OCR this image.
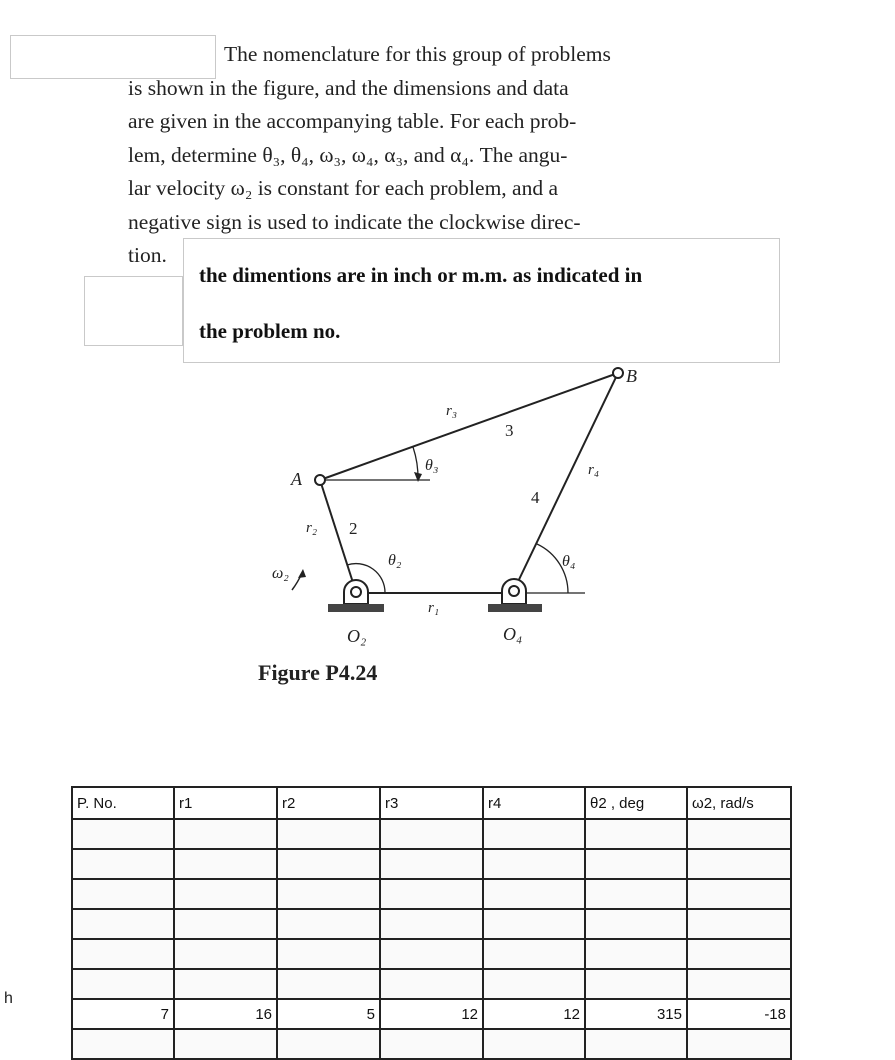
The nomenclature for this group of problems
is shown in the figure, and the dimensions and data
are given in the accompanying table. For each prob-
lem, determine θ₃, θ₄, ω₃, ω₄, α₃, and α₄. The angu-
lar velocity ω₂ is constant for each problem, and a
negative sign is used to indicate the clockwise direc-
tion.
the dimentions are in inch or m.m. as indicated in
the problem no.
B
A
r₃
3
θ₃	r₄
4
r₂ 2
θ₂	θ₄
ω₂
r₁
O₂	O₄
Figure P4.24
h
P. No.	r1	r2	r3	r4	θ2 , deg	ω2, rad/s

7	16	5	12	12	315	-18
